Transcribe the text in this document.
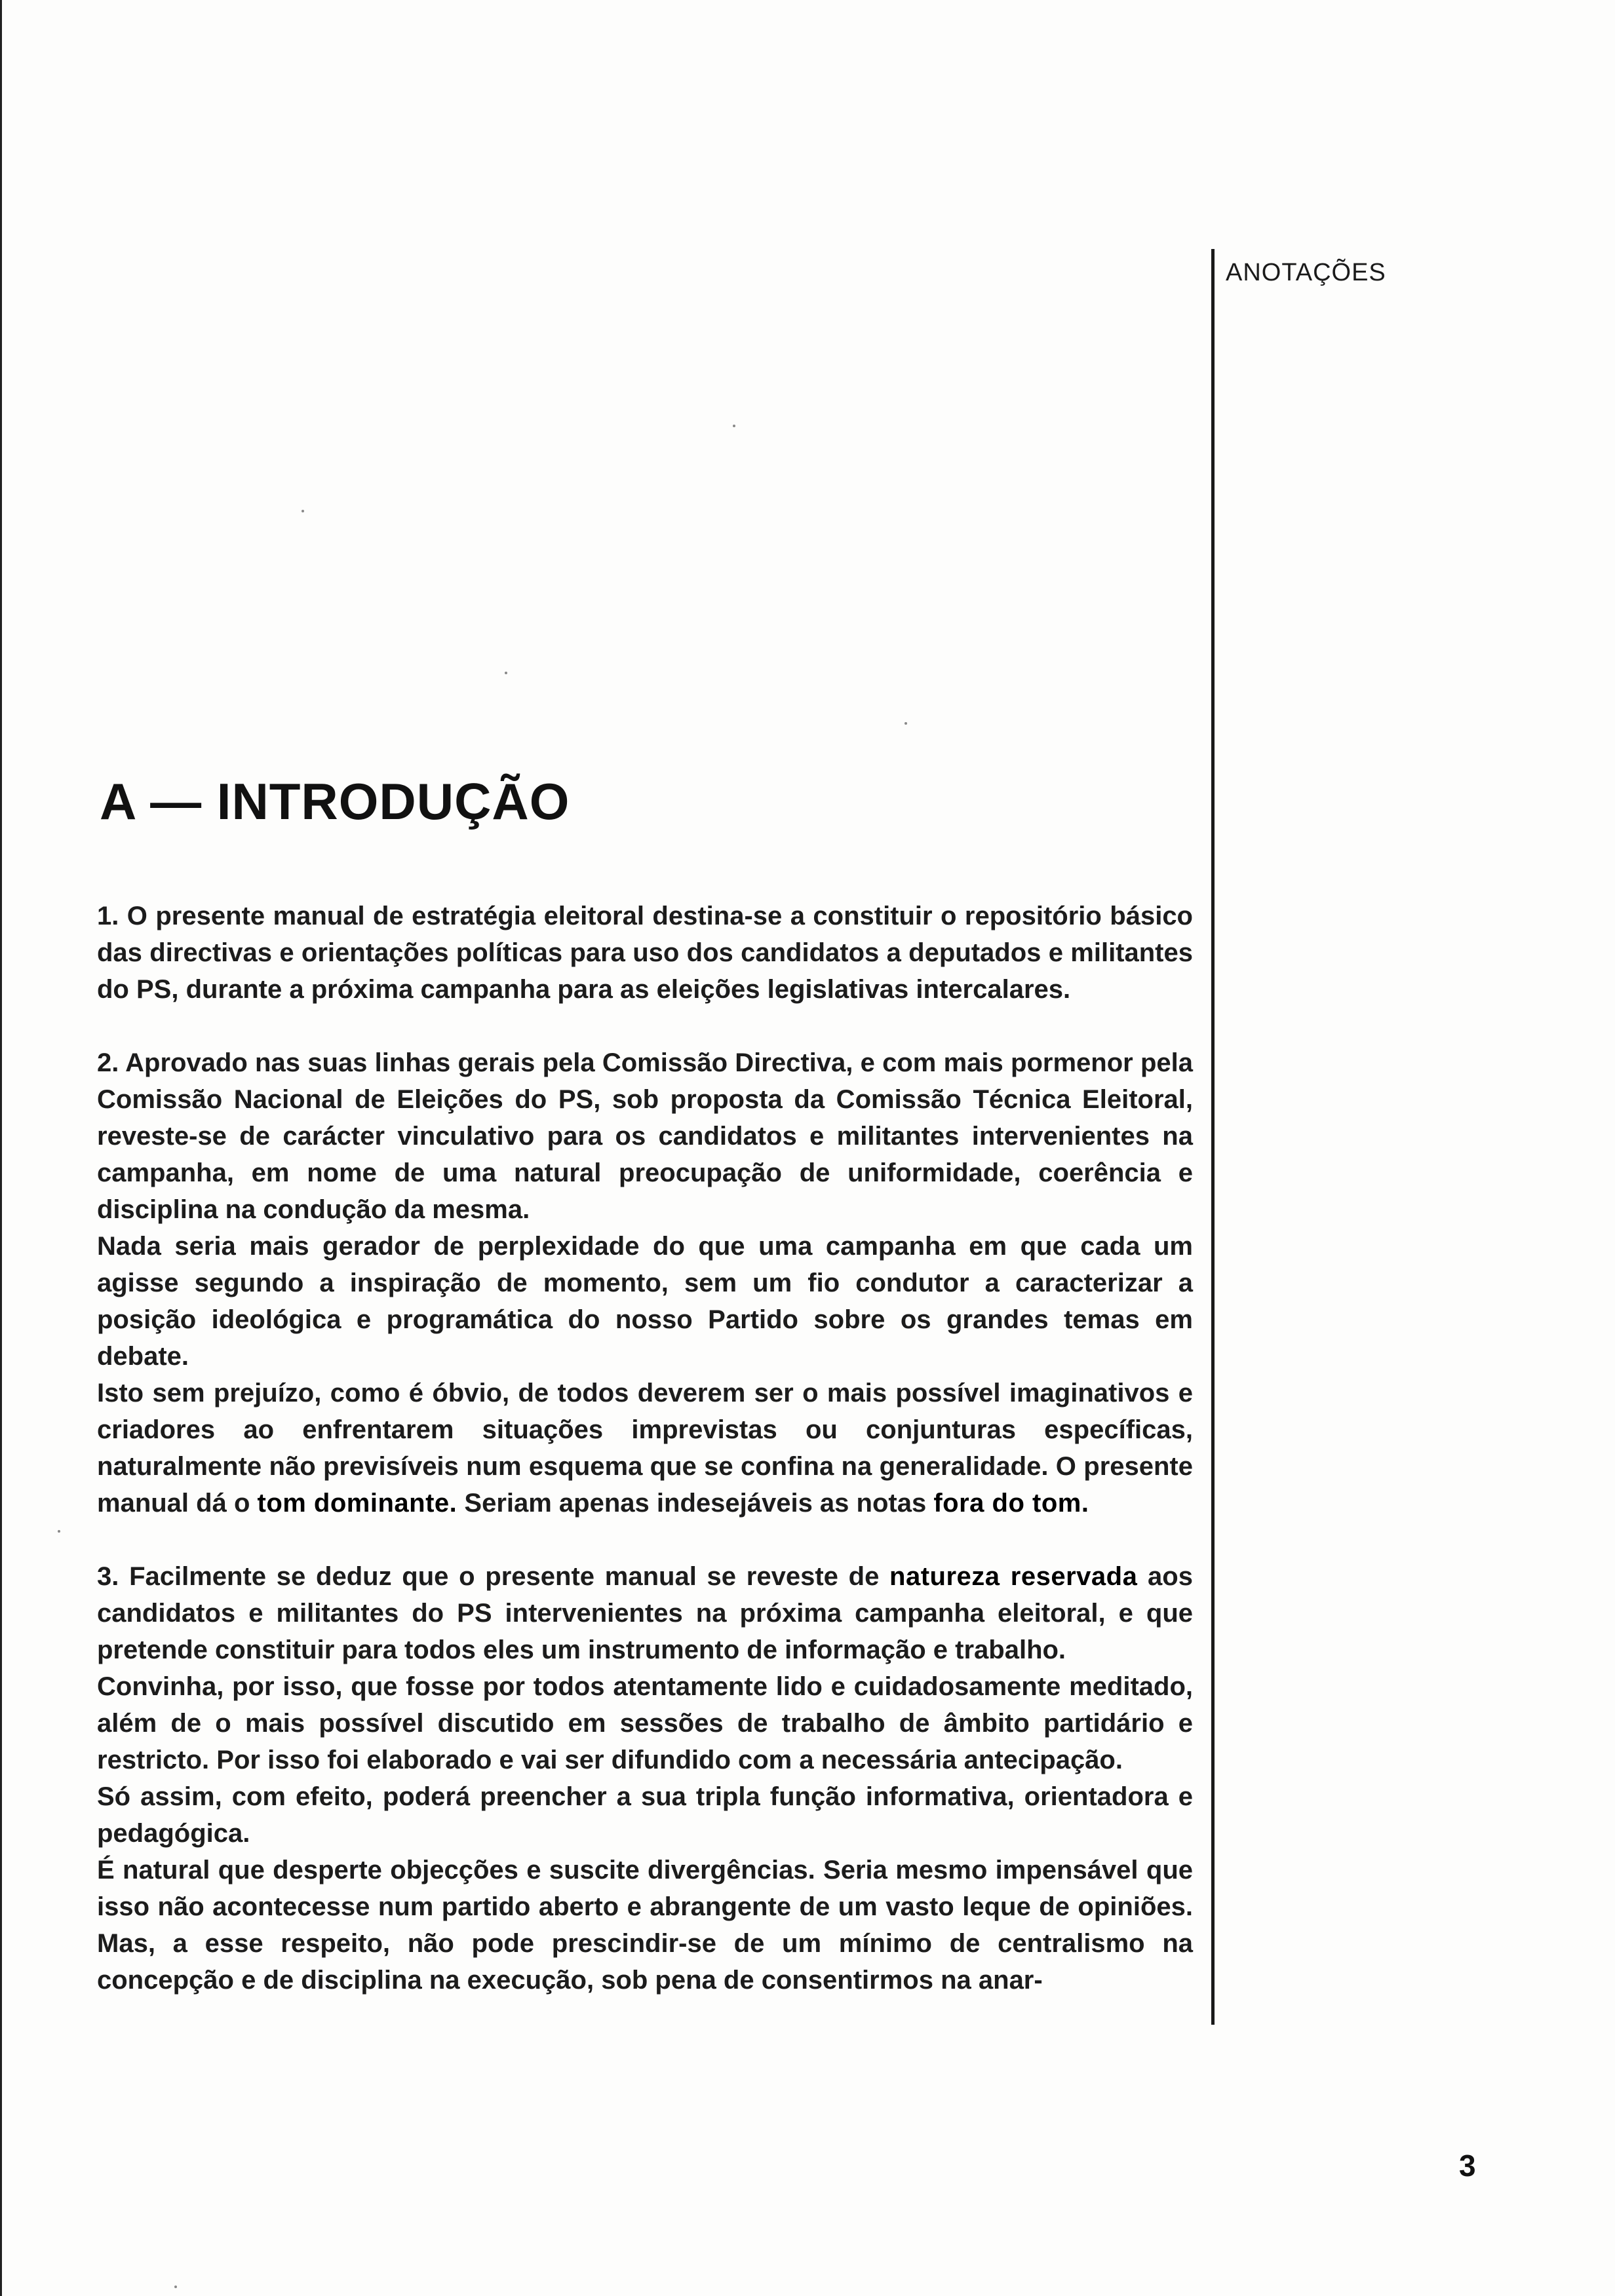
ANOTAÇÕES
A — INTRODUÇÃO

1. O presente manual de estratégia eleitoral destina-se a constituir o repositório básico das directivas e orientações políticas para uso dos candidatos a deputados e militantes do PS, durante a próxima campanha para as eleições legislativas intercalares.

2. Aprovado nas suas linhas gerais pela Comissão Directiva, e com mais pormenor pela Comissão Nacional de Eleições do PS, sob proposta da Comissão Técnica Eleitoral, reveste-se de carácter vinculativo para os candidatos e militantes intervenientes na campanha, em nome de uma natural preocupação de uniformidade, coerência e disciplina na condução da mesma.

Nada seria mais gerador de perplexidade do que uma campanha em que cada um agisse segundo a inspiração de momento, sem um fio condutor a caracterizar a posição ideológica e programática do nosso Partido sobre os grandes temas em debate.

Isto sem prejuízo, como é óbvio, de todos deverem ser o mais possível imaginativos e criadores ao enfrentarem situações imprevistas ou conjunturas específicas, naturalmente não previsíveis num esquema que se confina na generalidade. O presente manual dá o tom dominante. Seriam apenas indesejáveis as notas fora do tom.

3. Facilmente se deduz que o presente manual se reveste de natureza reservada aos candidatos e militantes do PS intervenientes na próxima campanha eleitoral, e que pretende constituir para todos eles um instrumento de informação e trabalho.

Convinha, por isso, que fosse por todos atentamente lido e cuidadosamente meditado, além de o mais possível discutido em sessões de trabalho de âmbito partidário e restricto. Por isso foi elaborado e vai ser difundido com a necessária antecipação.

Só assim, com efeito, poderá preencher a sua tripla função informativa, orientadora e pedagógica.

É natural que desperte objecções e suscite divergências. Seria mesmo impensável que isso não acontecesse num partido aberto e abrangente de um vasto leque de opiniões. Mas, a esse respeito, não pode prescindir-se de um mínimo de centralismo na concepção e de disciplina na execução, sob pena de consentirmos na anar-

3
